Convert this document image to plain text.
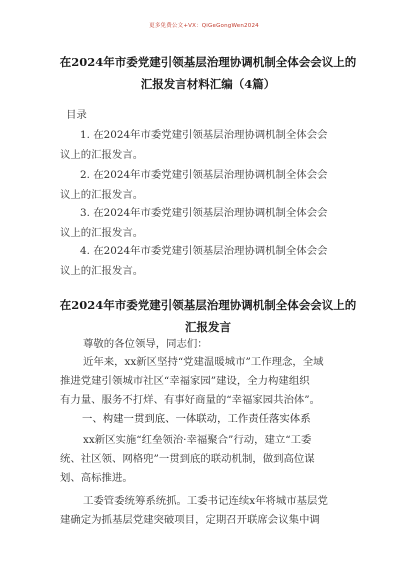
更多免费公文+VX：QiGeGongWen2024
在2024年市委党建引领基层治理协调机制全体会会议上的
汇报发言材料汇编（4篇）

目录

1. 在2024年市委党建引领基层治理协调机制全体会会

议上的汇报发言。

2. 在2024年市委党建引领基层治理协调机制全体会会

议上的汇报发言。

3. 在2024年市委党建引领基层治理协调机制全体会会

议上的汇报发言。

4. 在2024年市委党建引领基层治理协调机制全体会会

议上的汇报发言。

在2024年市委党建引领基层治理协调机制全体会会议上的
汇报发言

尊敬的各位领导，同志们：

近年来，xx新区坚持“党建温暖城市”工作理念，全域

推进党建引领城市社区“幸福家园”建设，全力构建组织

有力量、服务不打烊、有事好商量的“幸福家园共治体”。

一、构建一贯到底、一体联动，工作责任落实体系

xx新区实施“红垒领治·幸福聚合”行动，建立“工委

统、社区领、网格兜”一贯到底的联动机制，做到高位谋

划、高标推进。

工委管委统筹系统抓。工委书记连续x年将城市基层党

建确定为抓基层党建突破项目，定期召开联席会议集中调
